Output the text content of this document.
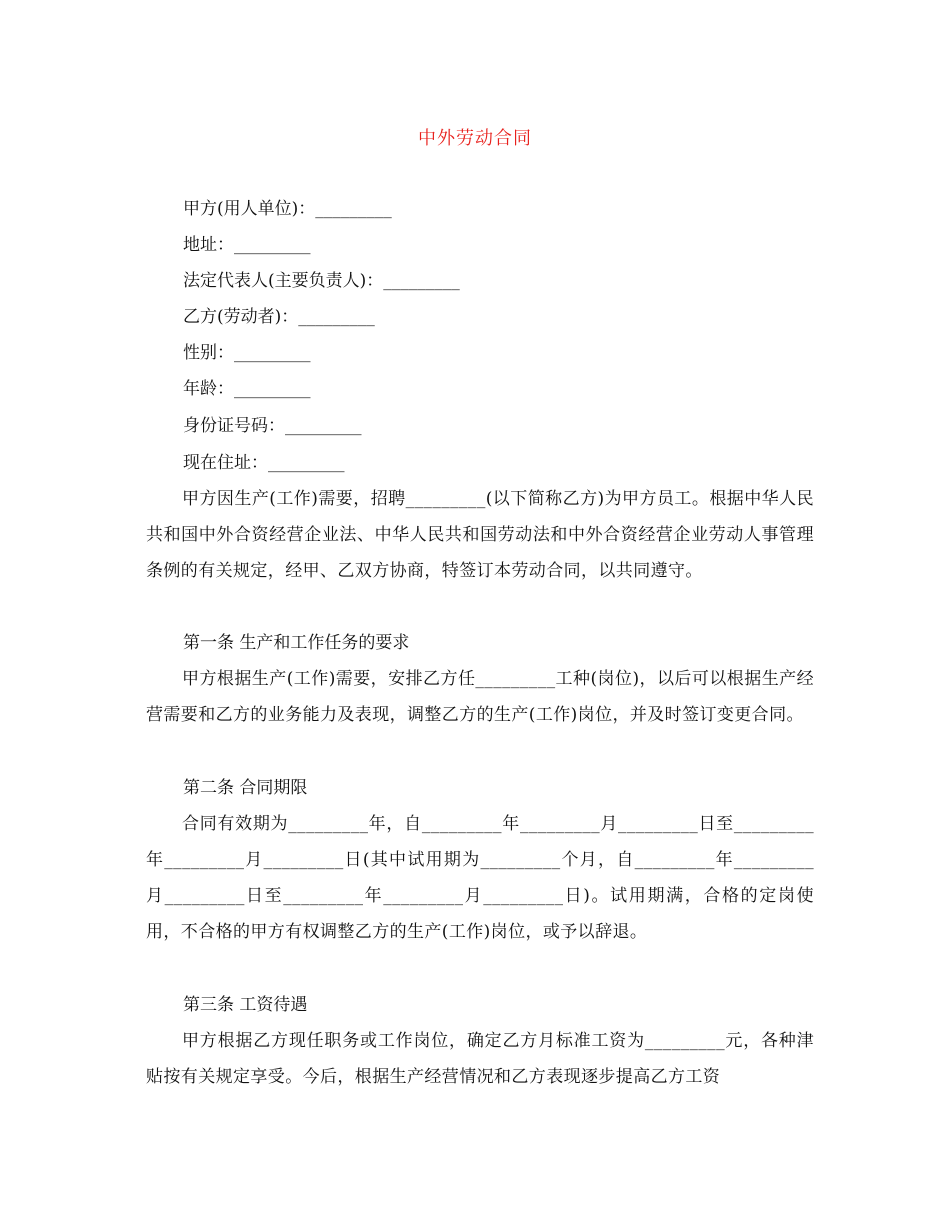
中外劳动合同
甲方(用人单位)：_________
地址：_________
法定代表人(主要负责人)：_________
乙方(劳动者)：_________
性别：_________
年龄：_________
身份证号码：_________
现在住址：_________
甲方因生产(工作)需要，招聘_________(以下简称乙方)为甲方员工。根据中华人民共和国中外合资经营企业法、中华人民共和国劳动法和中外合资经营企业劳动人事管理条例的有关规定，经甲、乙双方协商，特签订本劳动合同，以共同遵守。
第一条 生产和工作任务的要求
甲方根据生产(工作)需要，安排乙方任_________工种(岗位)，以后可以根据生产经营需要和乙方的业务能力及表现，调整乙方的生产(工作)岗位，并及时签订变更合同。
第二条 合同期限
合同有效期为_________年，自_________年_________月_________日至_________年_________月_________日(其中试用期为_________个月，自_________年_________月_________日至_________年_________月_________日)。试用期满，合格的定岗使用，不合格的甲方有权调整乙方的生产(工作)岗位，或予以辞退。
第三条 工资待遇
甲方根据乙方现任职务或工作岗位，确定乙方月标准工资为_________元，各种津贴按有关规定享受。今后，根据生产经营情况和乙方表现逐步提高乙方工资
